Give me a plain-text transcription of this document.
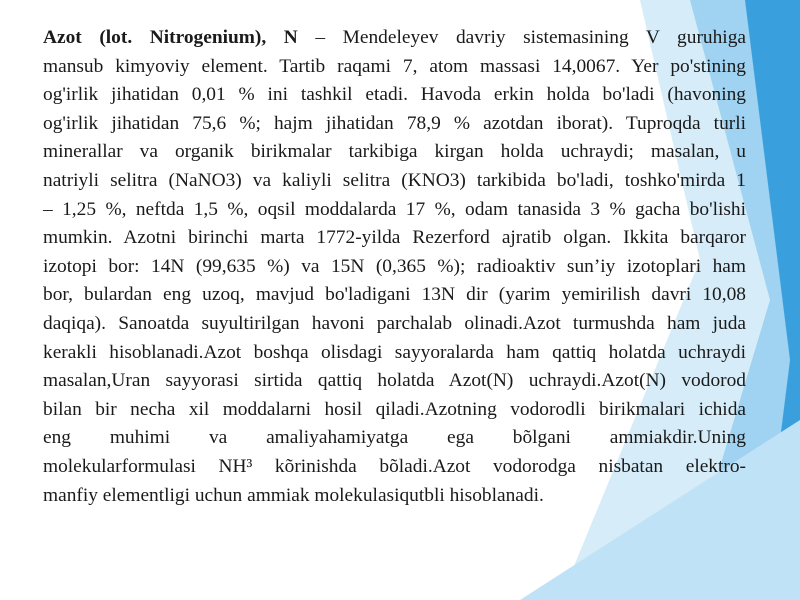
Azot (lot. Nitrogenium), N – Mendeleyev davriy sistemasining V guruhiga
mansub kimyoviy element. Tartib raqami 7, atom massasi 14,0067. Yer po'stining
og'irlik jihatidan 0,01 % ini tashkil etadi. Havoda erkin holda bo'ladi (havoning
og'irlik jihatidan 75,6 %; hajm jihatidan 78,9 % azotdan iborat). Tuproqda turli
minerallar va organik birikmalar tarkibiga kirgan holda uchraydi; masalan, u
natriyli selitra (NaNO3) va kaliyli selitra (KNO3) tarkibida bo'ladi, toshko'mirda 1
– 1,25 %, neftda 1,5 %, oqsil moddalarda 17 %, odam tanasida 3 % gacha bo'lishi
mumkin. Azotni birinchi marta 1772-yilda Rezerford ajratib olgan. Ikkita barqaror
izotopi bor: 14N (99,635 %) va 15N (0,365 %); radioaktiv sun’iy izotoplari ham
bor, bulardan eng uzoq, mavjud bo'ladigani 13N dir (yarim yemirilish davri 10,08
daqiqa). Sanoatda suyultirilgan havoni parchalab olinadi.Azot turmushda ham juda
kerakli hisoblanadi.Azot boshqa olisdagi sayyoralarda ham qattiq holatda uchraydi
masalan,Uran sayyorasi sirtida qattiq holatda Azot(N) uchraydi.Azot(N) vodorod
bilan bir necha xil moddalarni hosil qiladi.Azotning vodorodli birikmalari ichida
eng muhimi va amaliyahamiyatga ega bõlgani ammiakdir.Uning
molekularformulasi NH³ kõrinishda bõladi.Azot vodorodga nisbatan elektro-
manfiy elementligi uchun ammiak molekulasiqutbli hisoblanadi.
